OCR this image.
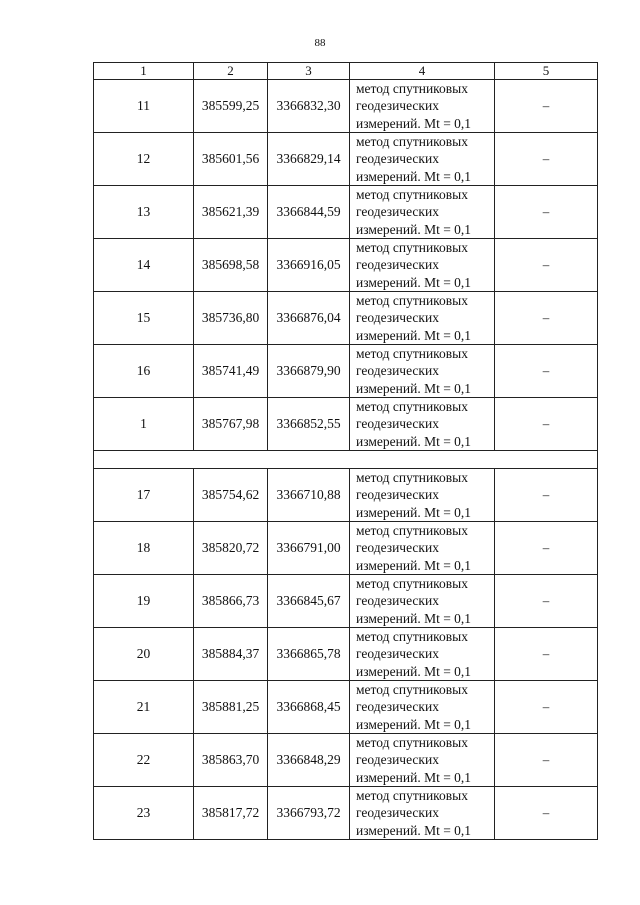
88
1	2	3	4	5
11	385599,25	3366832,30	метод спутниковых
геодезических
измерений. Mt = 0,1	–
12	385601,56	3366829,14	метод спутниковых
геодезических
измерений. Mt = 0,1	–
13	385621,39	3366844,59	метод спутниковых
геодезических
измерений. Mt = 0,1	–
14	385698,58	3366916,05	метод спутниковых
геодезических
измерений. Mt = 0,1	–
15	385736,80	3366876,04	метод спутниковых
геодезических
измерений. Mt = 0,1	–
16	385741,49	3366879,90	метод спутниковых
геодезических
измерений. Mt = 0,1	–
1	385767,98	3366852,55	метод спутниковых
геодезических
измерений. Mt = 0,1	–

17	385754,62	3366710,88	метод спутниковых
геодезических
измерений. Mt = 0,1	–
18	385820,72	3366791,00	метод спутниковых
геодезических
измерений. Mt = 0,1	–
19	385866,73	3366845,67	метод спутниковых
геодезических
измерений. Mt = 0,1	–
20	385884,37	3366865,78	метод спутниковых
геодезических
измерений. Mt = 0,1	–
21	385881,25	3366868,45	метод спутниковых
геодезических
измерений. Mt = 0,1	–
22	385863,70	3366848,29	метод спутниковых
геодезических
измерений. Mt = 0,1	–
23	385817,72	3366793,72	метод спутниковых
геодезических
измерений. Mt = 0,1	–
